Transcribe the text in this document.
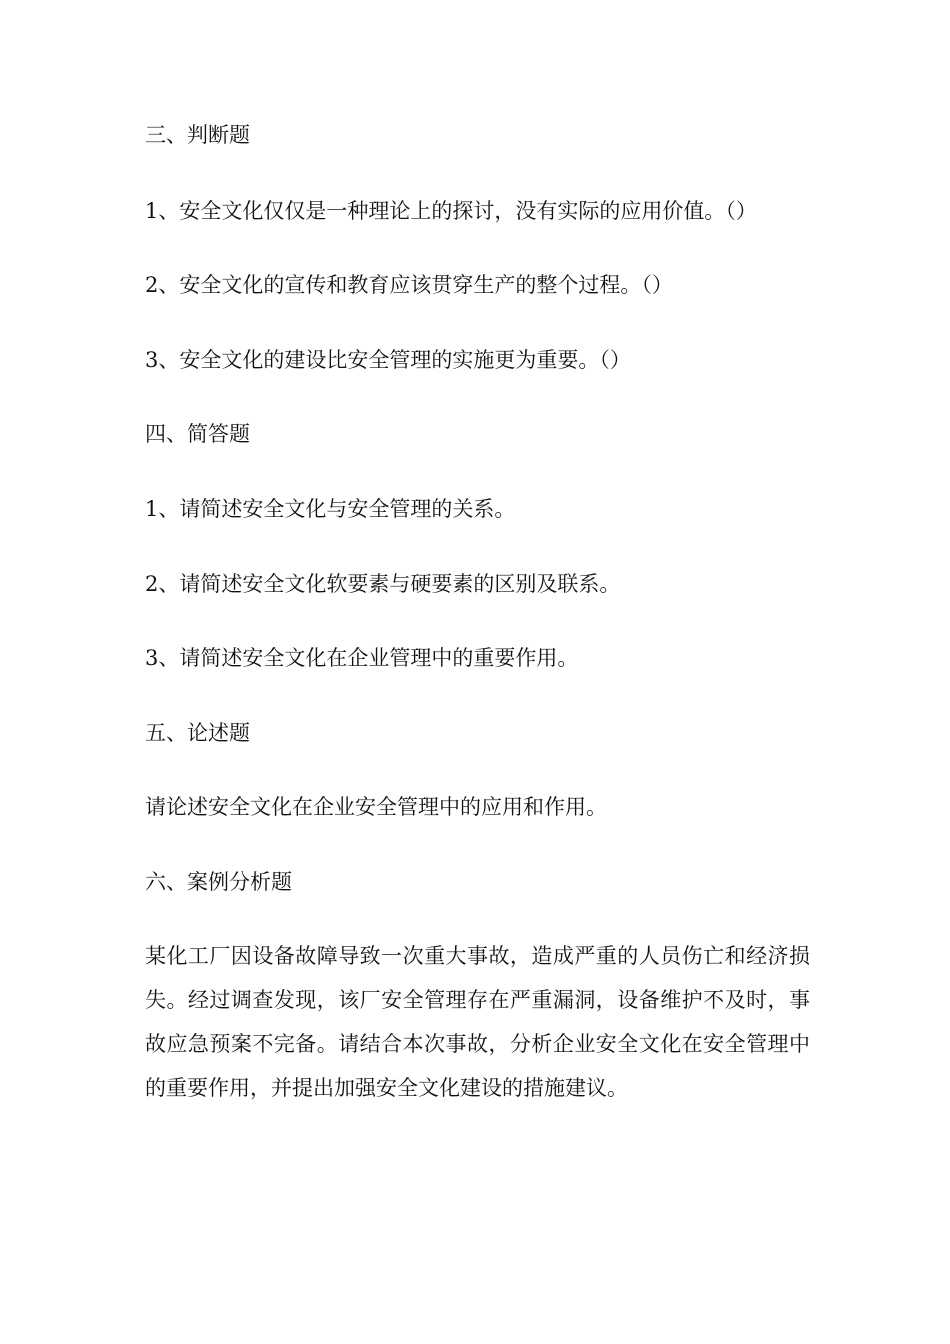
三、判断题

1、安全文化仅仅是一种理论上的探讨，没有实际的应用价值。（）

2、安全文化的宣传和教育应该贯穿生产的整个过程。（）

3、安全文化的建设比安全管理的实施更为重要。（）

四、简答题

1、请简述安全文化与安全管理的关系。

2、请简述安全文化软要素与硬要素的区别及联系。

3、请简述安全文化在企业管理中的重要作用。

五、论述题

请论述安全文化在企业安全管理中的应用和作用。

六、案例分析题

某化工厂因设备故障导致一次重大事故，造成严重的人员伤亡和经济损失。经过调查发现，该厂安全管理存在严重漏洞，设备维护不及时，事故应急预案不完备。请结合本次事故，分析企业安全文化在安全管理中的重要作用，并提出加强安全文化建设的措施建议。
